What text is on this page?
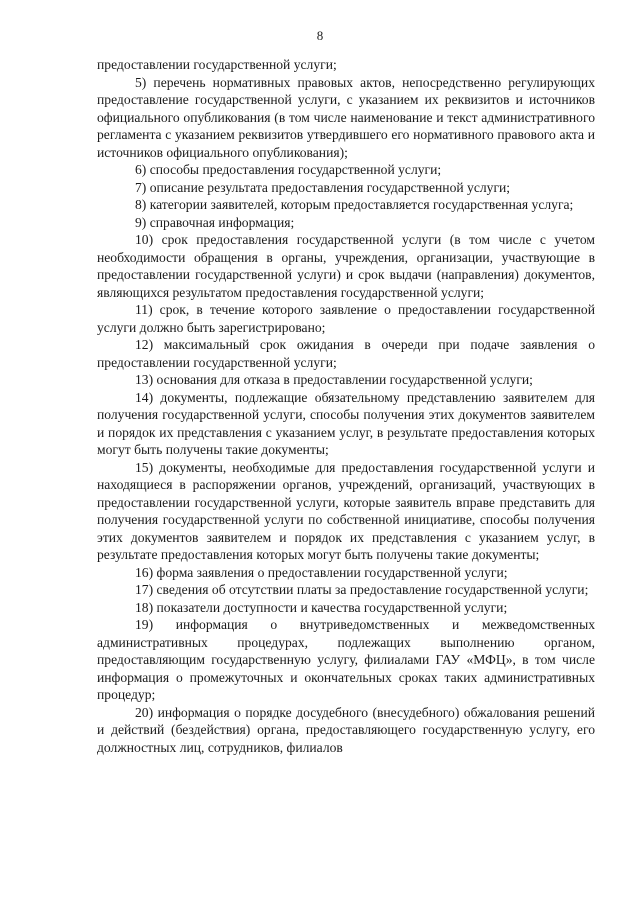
8

предоставлении государственной услуги;

5) перечень нормативных правовых актов, непосредственно регулирующих предоставление государственной услуги, с указанием их реквизитов и источников официального опубликования (в том числе наименование и текст административного регламента с указанием реквизитов утвердившего его нормативного правового акта и источников официального опубликования);

6) способы предоставления государственной услуги;

7) описание результата предоставления государственной услуги;

8) категории заявителей, которым предоставляется государственная услуга;

9) справочная информация;

10) срок предоставления государственной услуги (в том числе с учетом необходимости обращения в органы, учреждения, организации, участвующие в предоставлении государственной услуги) и срок выдачи (направления) документов, являющихся результатом предоставления государственной услуги;

11) срок, в течение которого заявление о предоставлении государственной услуги должно быть зарегистрировано;

12) максимальный срок ожидания в очереди при подаче заявления о предоставлении государственной услуги;

13) основания для отказа в предоставлении государственной услуги;

14) документы, подлежащие обязательному представлению заявителем для получения государственной услуги, способы получения этих документов заявителем и порядок их представления с указанием услуг, в результате предоставления которых могут быть получены такие документы;

15) документы, необходимые для предоставления государственной услуги и находящиеся в распоряжении органов, учреждений, организаций, участвующих в предоставлении государственной услуги, которые заявитель вправе представить для получения государственной услуги по собственной инициативе, способы получения этих документов заявителем и порядок их представления с указанием услуг, в результате предоставления которых могут быть получены такие документы;

16) форма заявления о предоставлении государственной услуги;

17) сведения об отсутствии платы за предоставление государственной услуги;

18) показатели доступности и качества государственной услуги;

19) информация о внутриведомственных и межведомственных административных процедурах, подлежащих выполнению органом, предоставляющим государственную услугу, филиалами ГАУ «МФЦ», в том числе информация о промежуточных и окончательных сроках таких административных процедур;

20) информация о порядке досудебного (внесудебного) обжалования решений и действий (бездействия) органа, предоставляющего государственную услугу, его должностных лиц, сотрудников, филиалов
